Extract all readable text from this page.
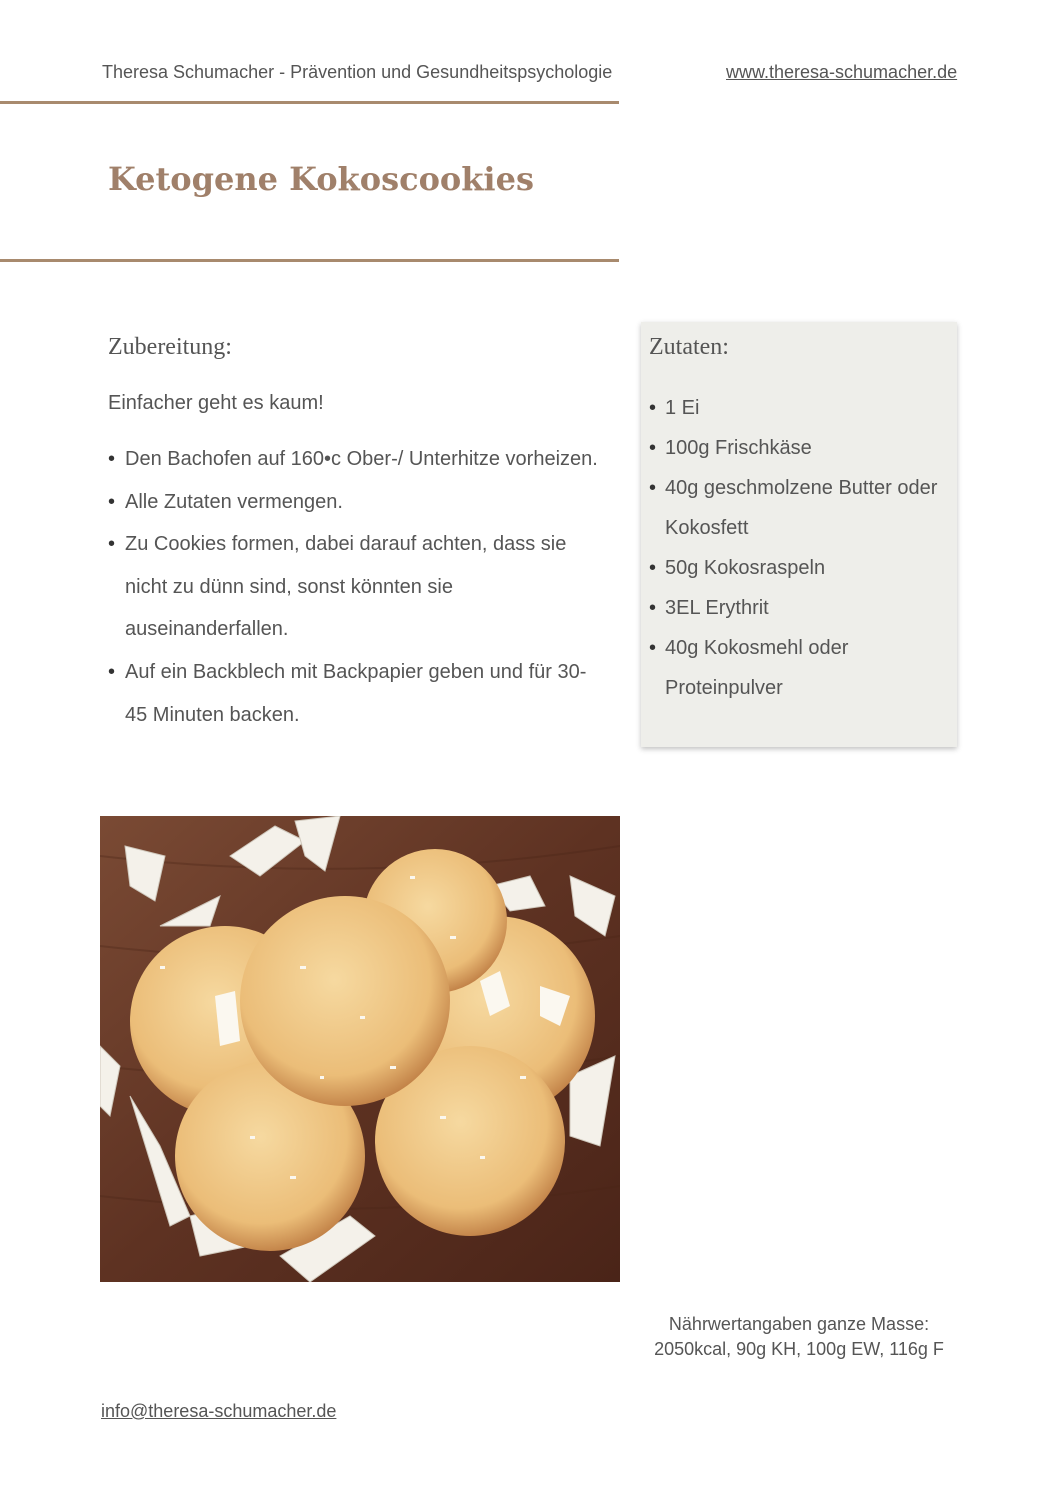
Theresa Schumacher - Prävention und Gesundheitspsychologie	www.theresa-schumacher.de
Ketogene Kokoscookies
Zubereitung:

Einfacher geht es kaum!

• Den Bachofen auf 160•c Ober-/ Unterhitze vorheizen.
• Alle Zutaten vermengen.
• Zu Cookies formen, dabei darauf achten, dass sie nicht zu dünn sind, sonst könnten sie auseinanderfallen.
• Auf ein Backblech mit Backpapier geben und für 30-45 Minuten backen.
Zutaten:
• 1 Ei
• 100g Frischkäse
• 40g geschmolzene Butter oder Kokosfett
• 50g Kokosraspeln
• 3EL Erythrit
• 40g Kokosmehl oder Proteinpulver
Nährwertangaben ganze Masse:
2050kcal, 90g KH, 100g EW, 116g F
info@theresa-schumacher.de
